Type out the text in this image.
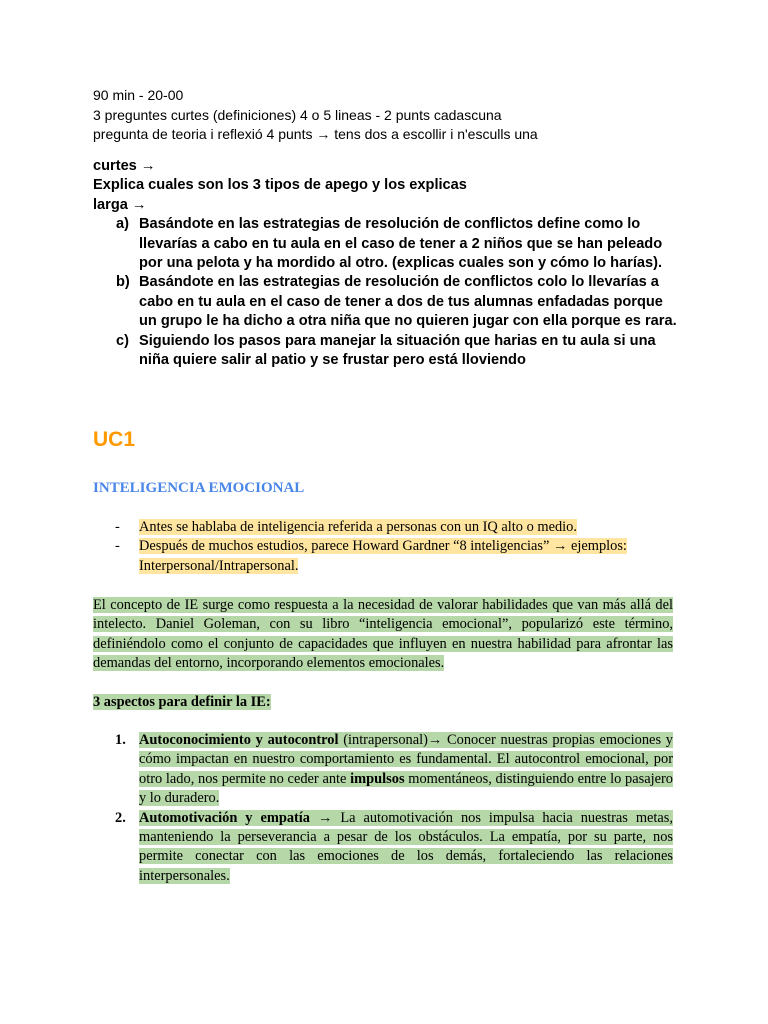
90 min - 20-00
3 preguntes curtes (definiciones) 4 o 5 lineas - 2 punts cadascuna
pregunta de teoria i reflexió 4 punts → tens dos a escollir i n'esculls una
curtes →
Explica cuales son los 3 tipos de apego y los explicas
larga →
a) Basándote en las estrategias de resolución de conflictos define como lo llevarías a cabo en tu aula en el caso de tener a 2 niños que se han peleado por una pelota y ha mordido al otro. (explicas cuales son y cómo lo harías).
b) Basándote en las estrategias de resolución de conflictos colo lo llevarías a cabo en tu aula en el caso de tener a dos de tus alumnas enfadadas porque un grupo le ha dicho a otra niña que no quieren jugar con ella porque es rara.
c) Siguiendo los pasos para manejar la situación que harias en tu aula si una niña quiere salir al patio y se frustar pero está lloviendo
UC1
INTELIGENCIA EMOCIONAL
- Antes se hablaba de inteligencia referida a personas con un IQ alto o medio.
- Después de muchos estudios, parece Howard Gardner “8 inteligencias” → ejemplos: Interpersonal/Intrapersonal.
El concepto de IE surge como respuesta a la necesidad de valorar habilidades que van más allá del intelecto. Daniel Goleman, con su libro “inteligencia emocional”, popularizó este término, definiéndolo como el conjunto de capacidades que influyen en nuestra habilidad para afrontar las demandas del entorno, incorporando elementos emocionales.
3 aspectos para definir la IE:
1. Autoconocimiento y autocontrol (intrapersonal)→ Conocer nuestras propias emociones y cómo impactan en nuestro comportamiento es fundamental. El autocontrol emocional, por otro lado, nos permite no ceder ante impulsos momentáneos, distinguiendo entre lo pasajero y lo duradero.
2. Automotivación y empatía → La automotivación nos impulsa hacia nuestras metas, manteniendo la perseverancia a pesar de los obstáculos. La empatía, por su parte, nos permite conectar con las emociones de los demás, fortaleciendo las relaciones interpersonales.
